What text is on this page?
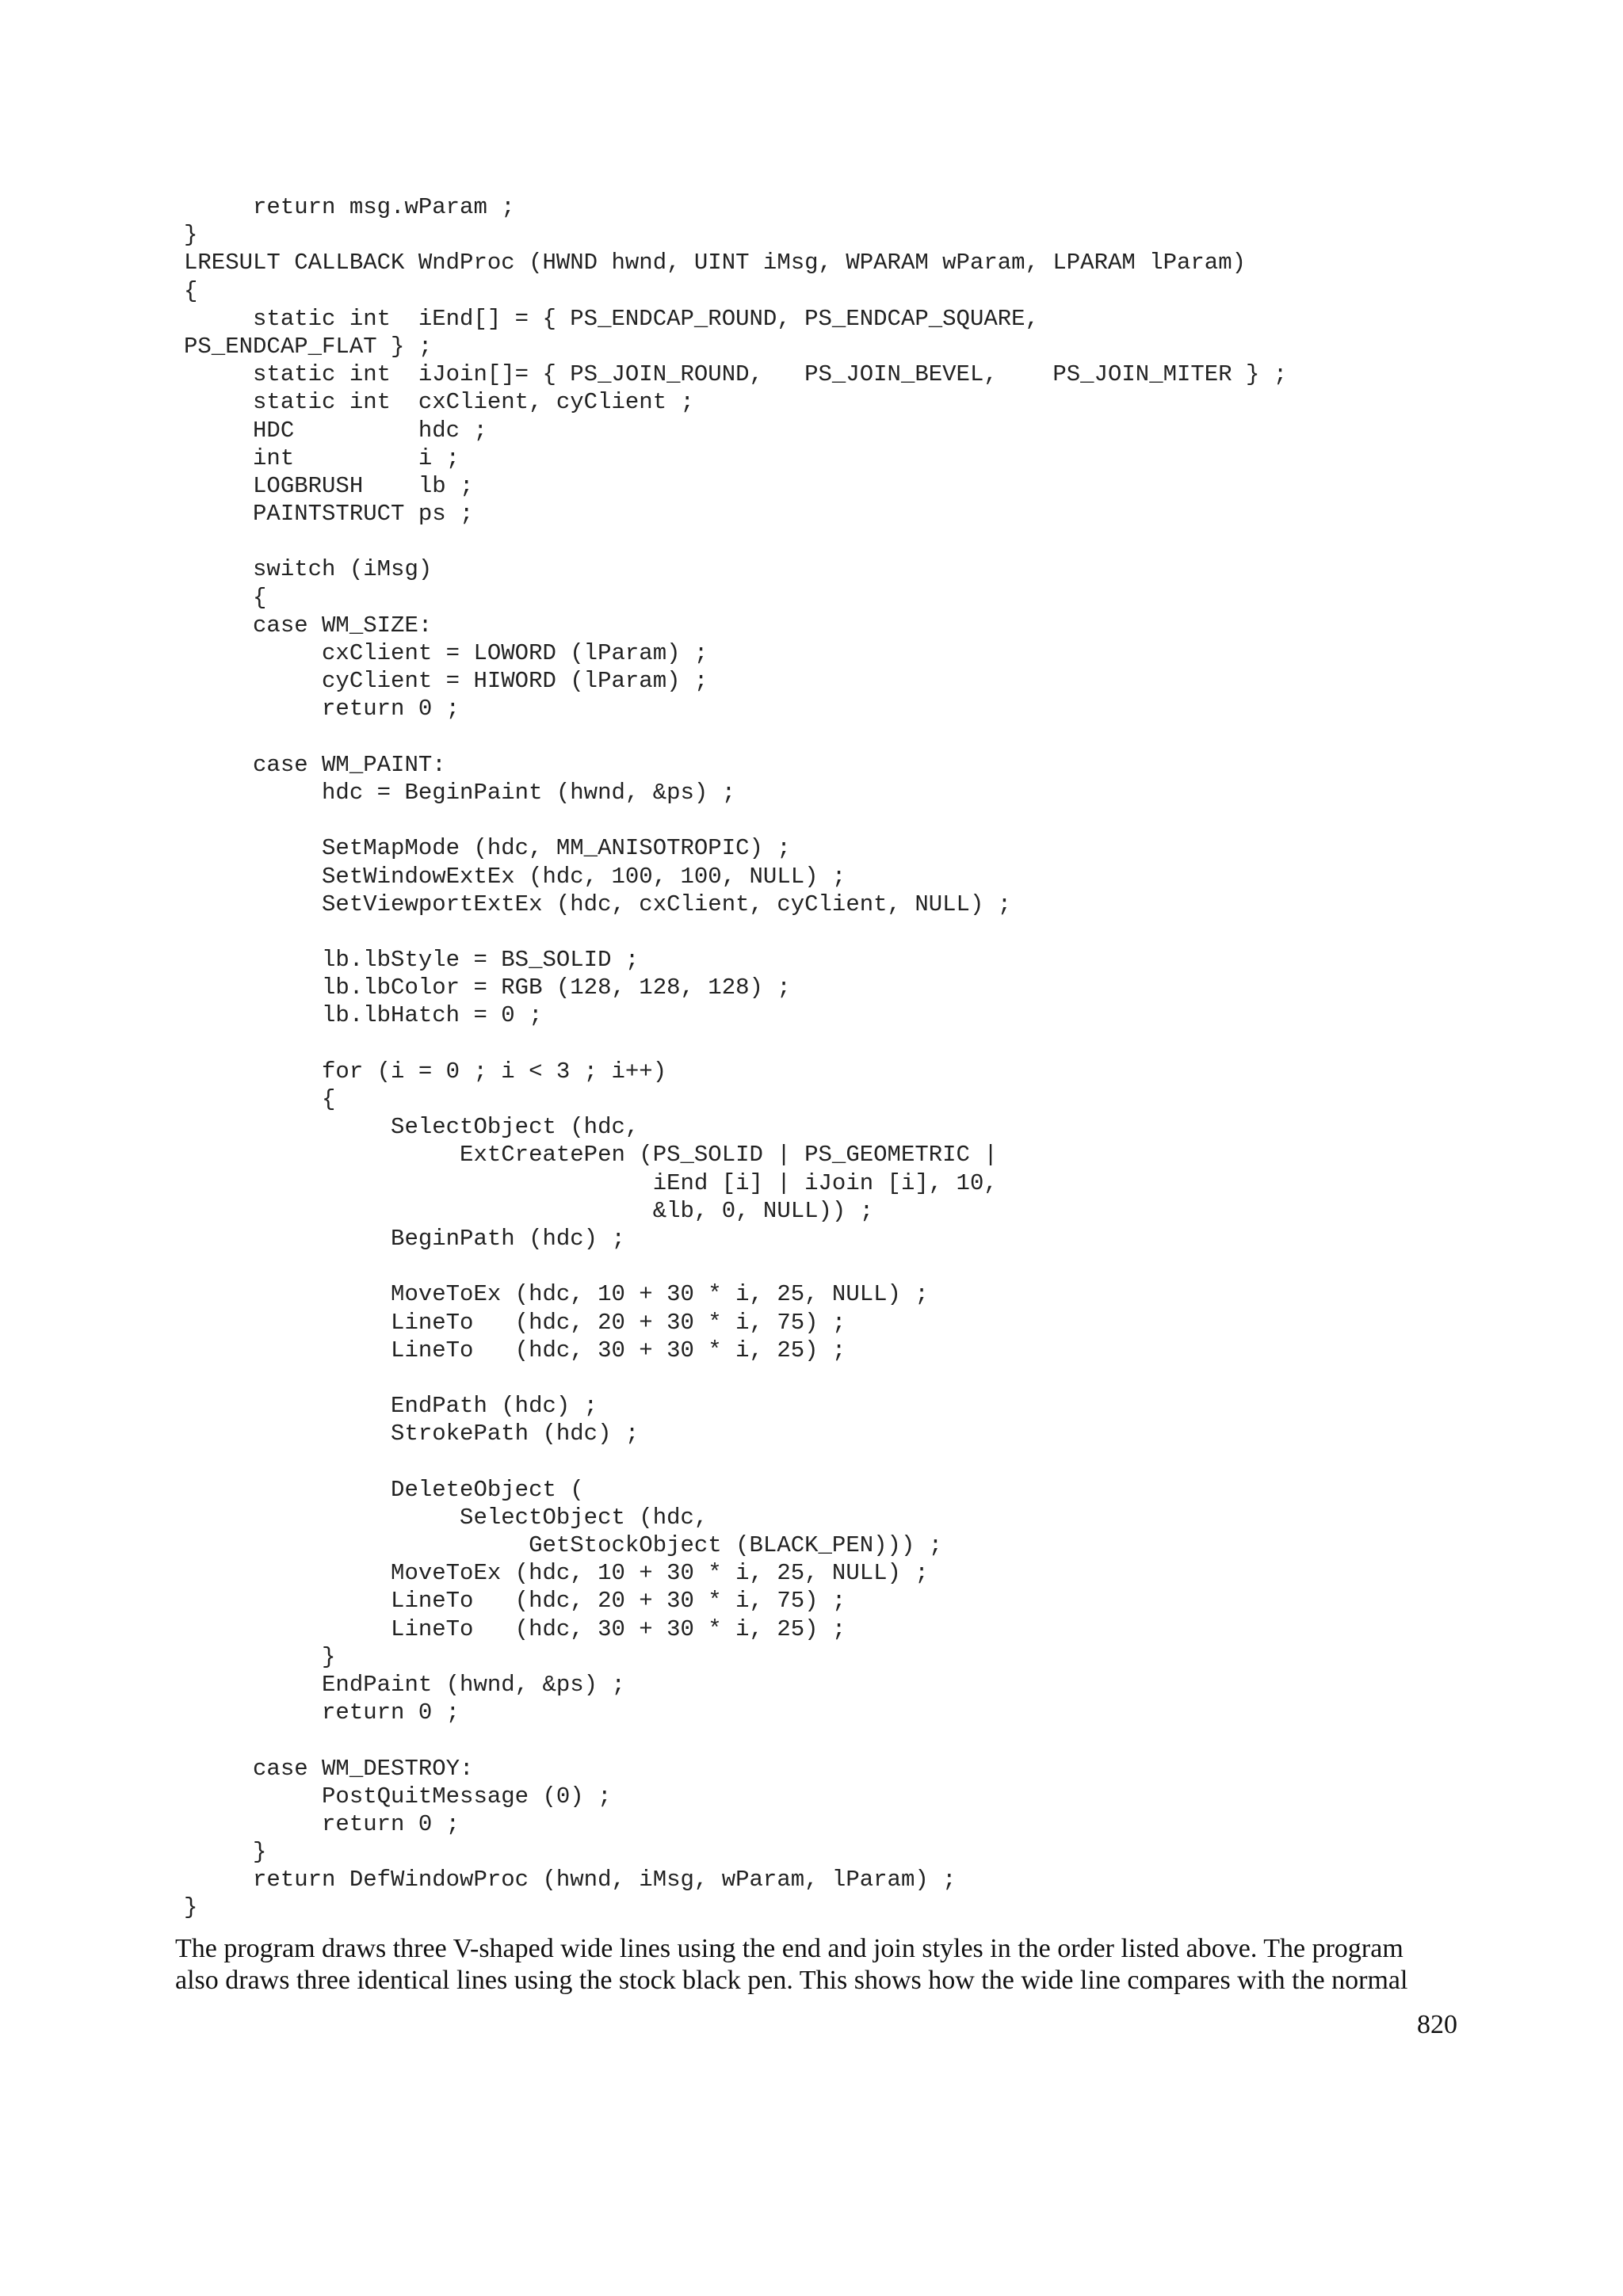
return msg.wParam ;
}
LRESULT CALLBACK WndProc (HWND hwnd, UINT iMsg, WPARAM wParam, LPARAM lParam)
{
static int  iEnd[] = { PS_ENDCAP_ROUND, PS_ENDCAP_SQUARE,
PS_ENDCAP_FLAT } ;
static int  iJoin[]= { PS_JOIN_ROUND,   PS_JOIN_BEVEL,    PS_JOIN_MITER } ;
static int  cxClient, cyClient ;
HDC         hdc ;
int         i ;
LOGBRUSH    lb ;
PAINTSTRUCT ps ;
switch (iMsg)
{
case WM_SIZE:
cxClient = LOWORD (lParam) ;
cyClient = HIWORD (lParam) ;
return 0 ;
case WM_PAINT:
hdc = BeginPaint (hwnd, &ps) ;
SetMapMode (hdc, MM_ANISOTROPIC) ;
SetWindowExtEx (hdc, 100, 100, NULL) ;
SetViewportExtEx (hdc, cxClient, cyClient, NULL) ;
lb.lbStyle = BS_SOLID ;
lb.lbColor = RGB (128, 128, 128) ;
lb.lbHatch = 0 ;
for (i = 0 ; i < 3 ; i++)
{
SelectObject (hdc,
ExtCreatePen (PS_SOLID | PS_GEOMETRIC |
iEnd [i] | iJoin [i], 10,
&lb, 0, NULL)) ;
BeginPath (hdc) ;
MoveToEx (hdc, 10 + 30 * i, 25, NULL) ;
LineTo   (hdc, 20 + 30 * i, 75) ;
LineTo   (hdc, 30 + 30 * i, 25) ;
EndPath (hdc) ;
StrokePath (hdc) ;
DeleteObject (
SelectObject (hdc,
GetStockObject (BLACK_PEN))) ;
MoveToEx (hdc, 10 + 30 * i, 25, NULL) ;
LineTo   (hdc, 20 + 30 * i, 75) ;
LineTo   (hdc, 30 + 30 * i, 25) ;
}
EndPaint (hwnd, &ps) ;
return 0 ;
case WM_DESTROY:
PostQuitMessage (0) ;
return 0 ;
}
return DefWindowProc (hwnd, iMsg, wParam, lParam) ;
}
The program draws three V-shaped wide lines using the end and join styles in the order listed above. The program
also draws three identical lines using the stock black pen. This shows how the wide line compares with the normal
820
